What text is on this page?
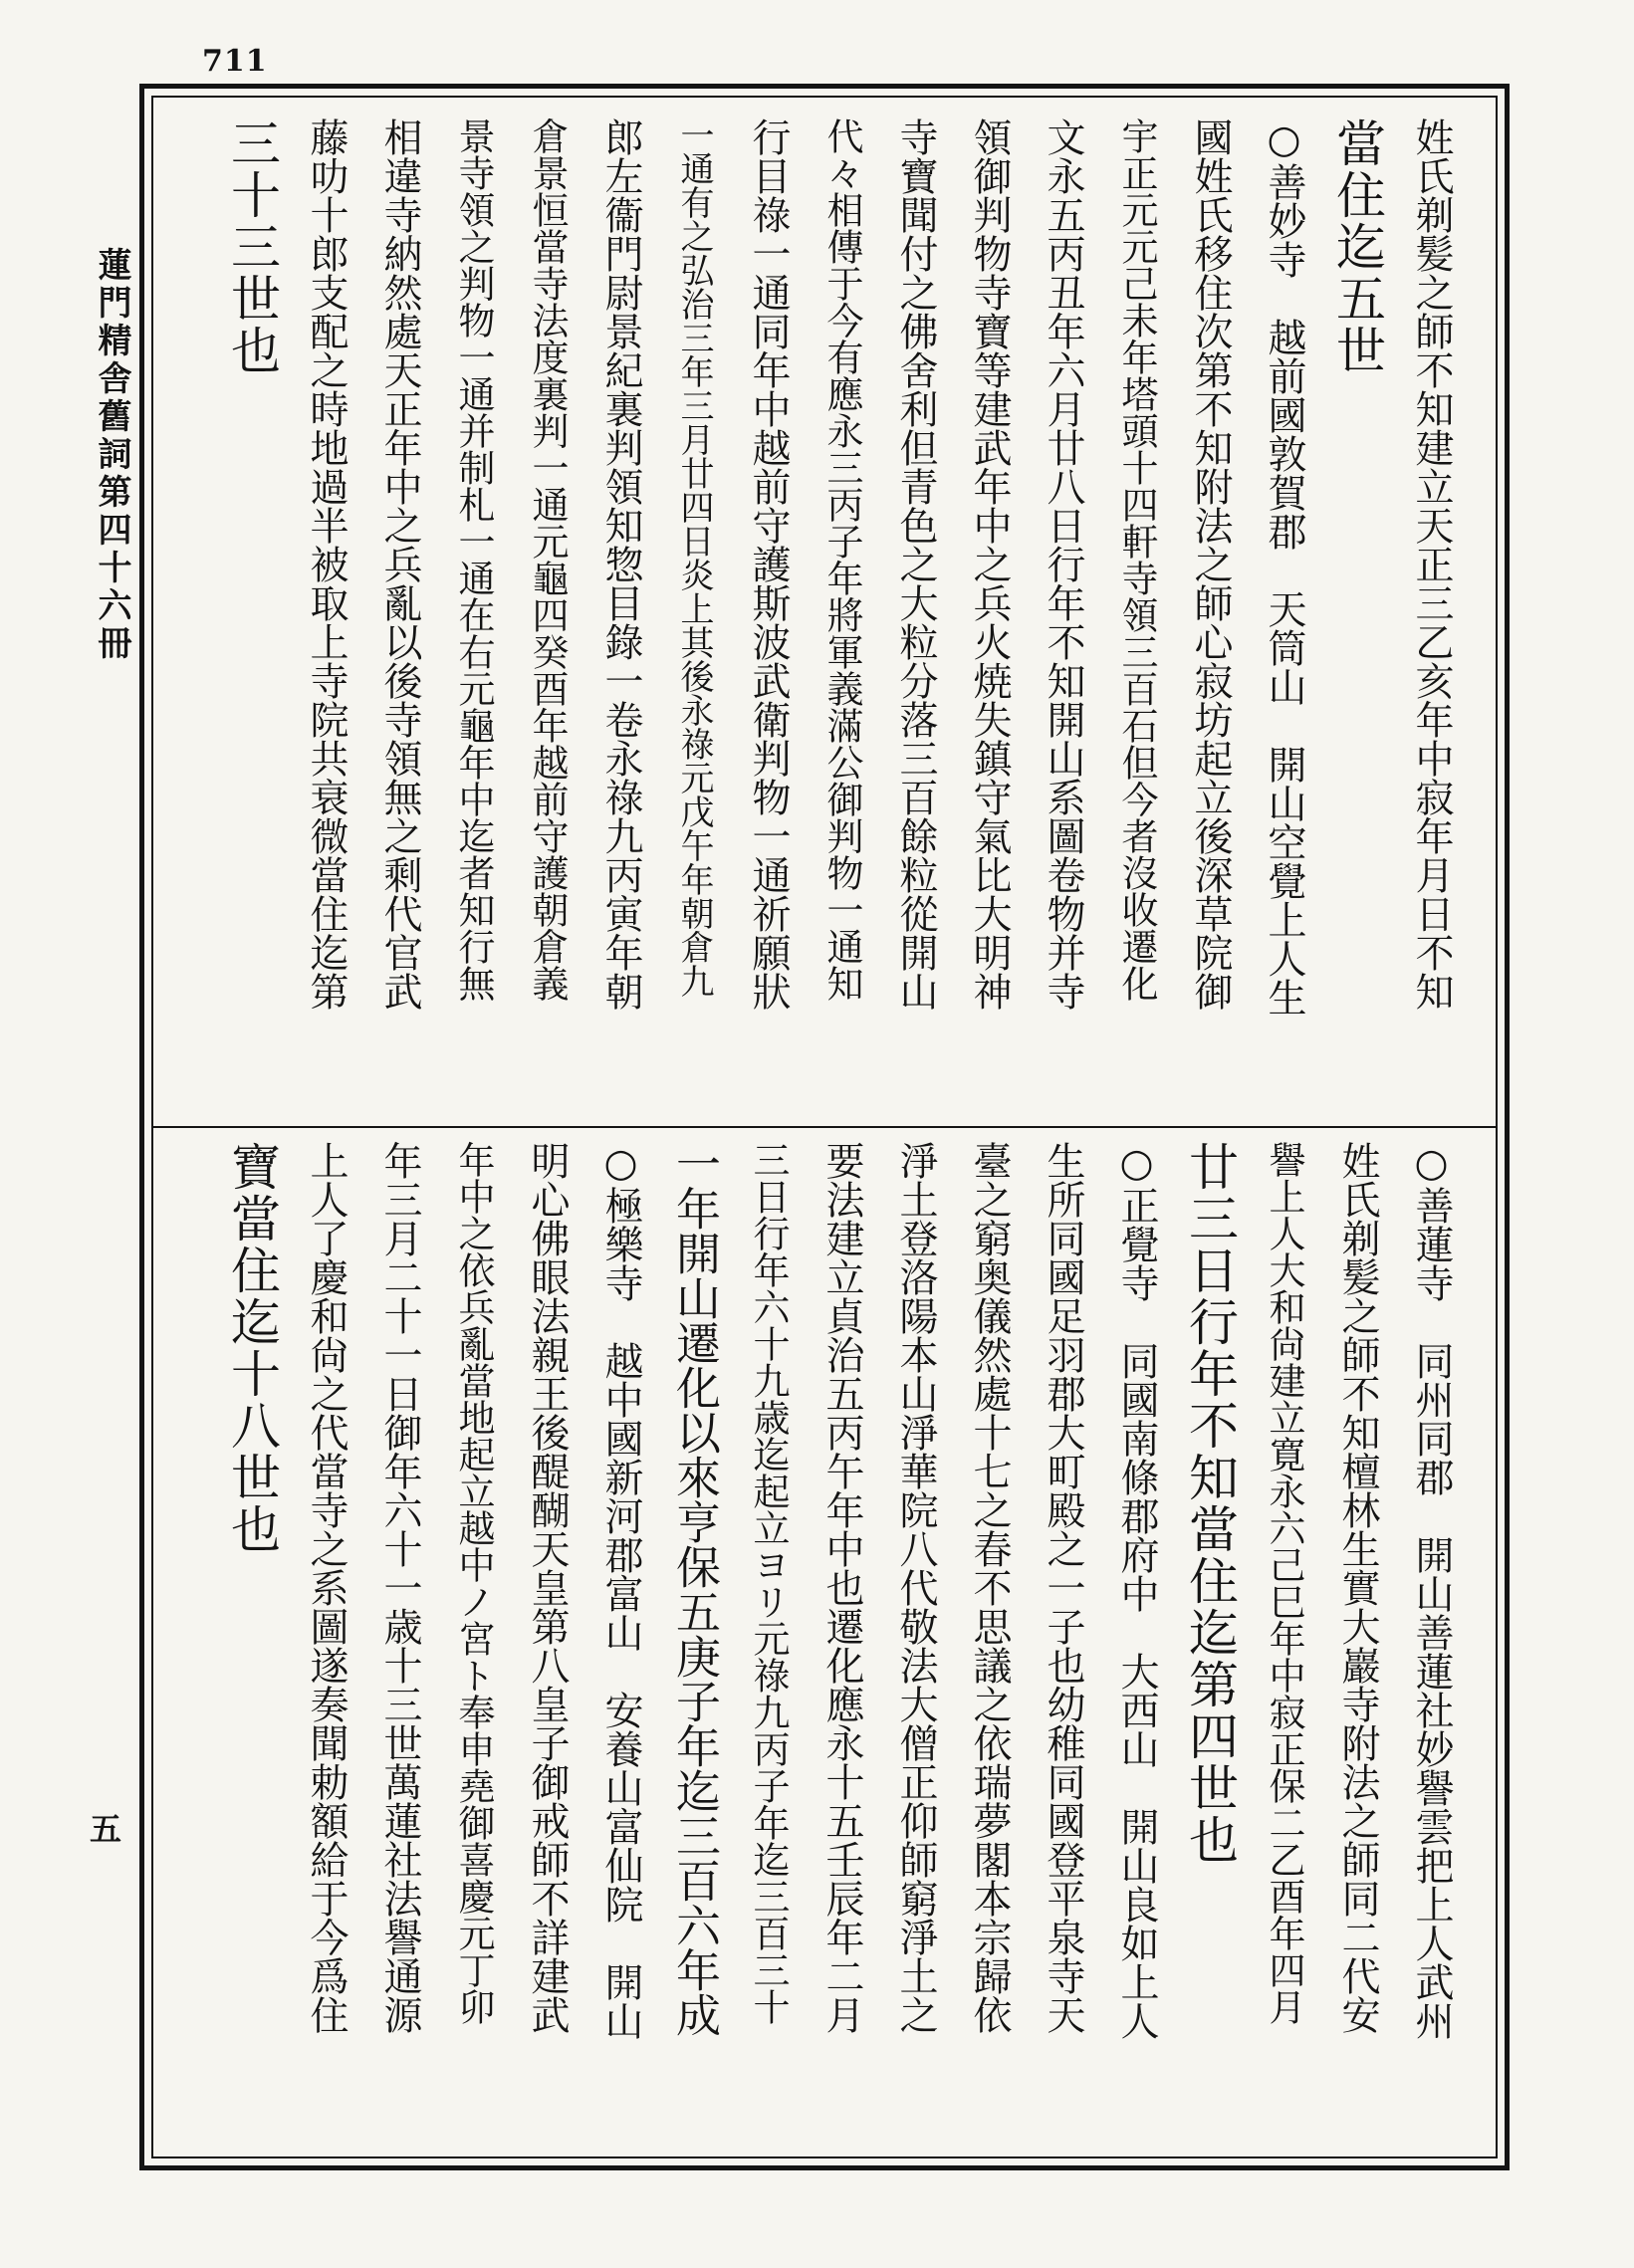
711
蓮門精舎舊詞第四十六冊
五
姓氏剃髪之師不知建立天正三乙亥年中寂年月日不知
當住迄五世
○善妙寺　越前國敦賀郡　天筒山　開山空覺上人生
國姓氏移住次第不知附法之師心寂坊起立後深草院御
宇正元元己未年塔頭十四軒寺領三百石但今者沒收遷化
文永五丙丑年六月廿八日行年不知開山系圖卷物并寺
領御判物寺寶等建武年中之兵火焼失鎮守氣比大明神
寺寶聞付之佛舍利但青色之大粒分落三百餘粒從開山
代々相傳于今有應永三丙子年將軍義滿公御判物一通知
行目祿一通同年中越前守護斯波武衛判物一通祈願狀
一通有之弘治三年三月廿四日炎上其後永祿元戊午年朝倉九
郎左衞門尉景紀裏判領知惣目錄一卷永祿九丙寅年朝
倉景恒當寺法度裏判一通元龜四癸酉年越前守護朝倉義
景寺領之判物一通并制札一通在右元龜年中迄者知行無
相違寺納然處天正年中之兵亂以後寺領無之剩代官武
藤叻十郎支配之時地過半被取上寺院共衰微當住迄第
三十三世也
○善蓮寺　同州同郡　開山善蓮社妙譽雲把上人武州
姓氏剃髪之師不知檀林生實大巖寺附法之師同二代安
譽上人大和尙建立寛永六己巳年中寂正保二乙酉年四月
廿三日行年不知當住迄第四世也
○正覺寺　同國南條郡府中　大西山　開山良如上人
生所同國足羽郡大町殿之一子也幼稚同國登平泉寺天
臺之窮奥儀然處十七之春不思議之依瑞夢閣本宗歸依
淨土登洛陽本山淨華院八代敬法大僧正仰師窮淨土之
要法建立貞治五丙午年中也遷化應永十五壬辰年二月
三日行年六十九歳迄起立ヨリ元祿九丙子年迄三百三十
一年開山遷化以來亨保五庚子年迄三百六年成
○極樂寺　越中國新河郡富山　安養山富仙院　開山
明心佛眼法親王後醍醐天皇第八皇子御戒師不詳建武
年中之依兵亂當地起立越中ノ宮ト奉申堯御喜慶元丁卯
年三月二十一日御年六十一歳十三世萬蓮社法譽通源
上人了慶和尙之代當寺之系圖遂奏聞勅額給于今爲住
寶當住迄十八世也
